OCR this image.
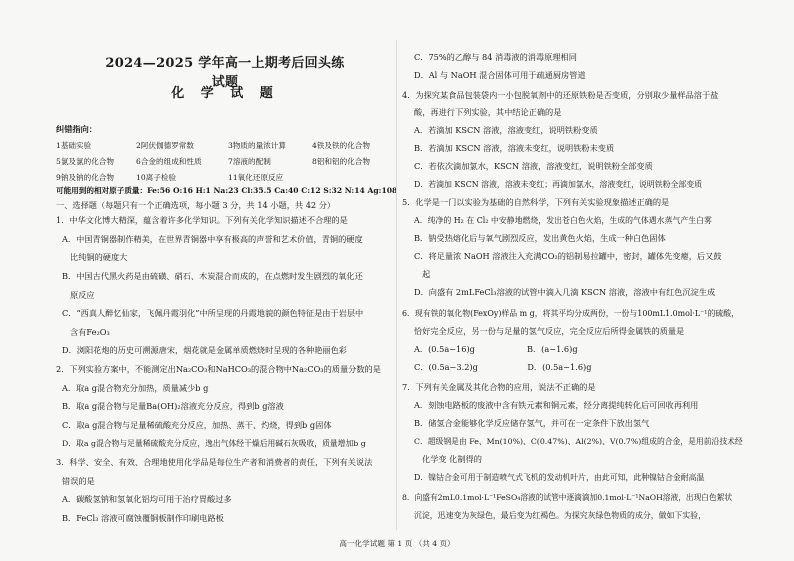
2024—2025 学年高一上期考后回头练试题
化 学 试 题
纠错指向：
1基础实验	2阿伏伽德罗常数	3物质的量浓计算	4铁及铁的化合物
5氯及氯的化合物	6合金的组成和性质	7溶液的配制	8铝和铝的化合物
9钠及钠的化合物	10离子检验	11氧化还原反应
可能用到的相对原子质量：Fe:56 O:16 H:1 Na:23 Cl:35.5 Ca:40 C:12 S:32 N:14 Ag:108
一、选择题（每题只有一个正确选项，每小题 3 分，共 14 小题，共 42 分）
1．中华文化博大精深，蕴含着许多化学知识。下列有关化学知识描述不合理的是
A．中国青铜器制作精美，在世界青铜器中享有极高的声誉和艺术价值，青铜的硬度
比纯铜的硬度大
B．中国古代黑火药是由硫磺、硝石、木炭混合而成的，在点燃时发生剧烈的氧化还
原反应
C．“西真人醉忆仙家，飞佩丹霞羽化”中所呈现的丹霞地貌的颜色特征是由于岩层中
含有Fe₂O₃
D．浏阳花炮的历史可溯源唐宋，烟花就是金属单质燃烧时呈现的各种艳丽色彩
2．下列实验方案中，不能测定出Na₂CO₃和NaHCO₃的混合物中Na₂CO₃的质量分数的是
A．取a g混合物充分加热，质量减少b g
B．取a g混合物与足量Ba(OH)₂溶液充分反应，得到b g溶液
C．取a g混合物与足量稀硫酸充分反应，加热、蒸干、灼烧，得到b g固体
D．取a g混合物与足量稀硫酸充分反应，逸出气体经干燥后用碱石灰吸收，质量增加b g
3．科学、安全、有效、合理地使用化学品是每位生产者和消费者的责任，下列有关说法
错误的是
A．碳酸氢钠和氢氧化铝均可用于治疗胃酸过多
B．FeCl₃ 溶液可腐蚀覆铜板制作印刷电路板
C．75%的乙醇与 84 消毒液的消毒原理相同
D．Al 与 NaOH 混合固体可用于疏通厨房管道
4．为探究某食品包装袋内一小包脱氧剂中的还原铁粉是否变质，分别取少量样品溶于盐
酸，再进行下列实验，其中结论正确的是
A．若滴加 KSCN 溶液，溶液变红，说明铁粉变质
B．若滴加 KSCN 溶液，溶液未变红，说明铁粉未变质
C．若依次滴加氯水，KSCN 溶液，溶液变红，说明铁粉全部变质
D．若滴加 KSCN 溶液，溶液未变红；再滴加氯水，溶液变红，说明铁粉全部变质
5．化学是一门以实验为基础的自然科学，下列有关实验现象描述正确的是
A．纯净的 H₂ 在 Cl₂ 中安静地燃烧，发出苍白色火焰，生成的气体遇水蒸气产生白雾
B．钠受热熔化后与氧气剧烈反应，发出黄色火焰，生成一种白色固体
C．将足量浓 NaOH 溶液注入充满CO₂的铝制易拉罐中，密封，罐体先变瘪，后又鼓
起
D．向盛有 2mLFeCl₃溶液的试管中滴入几滴 KSCN 溶液，溶液中有红色沉淀生成
6．现有铁的氧化物(FexOy)样品 m g，将其平均分成两份，一份与100mL1.0mol·L⁻¹的硫酸，
恰好完全反应，另一份与足量的氢气反应，完全反应后所得金属铁的质量是
A．(0.5a−16)g                    B．(a−1.6)g
C．(0.5a−3.2)g                   D．(0.5a−1.6)g
7．下列有关金属及其化合物的应用，说法不正确的是
A．刻蚀电路板的废液中含有铁元素和铜元素，经分离提纯转化后可回收再利用
B．储氢合金能够化学反应储存氢气，并可在一定条件下放出氢气
C．超级钢是由 Fe、Mn(10%)、C(0.47%)、Al(2%)、V(0.7%)组成的合金，是用前沿技术经
化学变 化制得的
D．镍钴合金可用于制造喷气式飞机的发动机叶片，由此可知，此种镍钴合金耐高温
8．向盛有2mL0.1mol·L⁻¹FeSO₄溶液的试管中逐滴滴加0.1mol·L⁻¹NaOH溶液，出现白色絮状
沉淀，迅速变为灰绿色，最后变为红褐色。为探究灰绿色物质的成分，做如下实验，
高一化学试题 第 1 页 （共 4 页）
